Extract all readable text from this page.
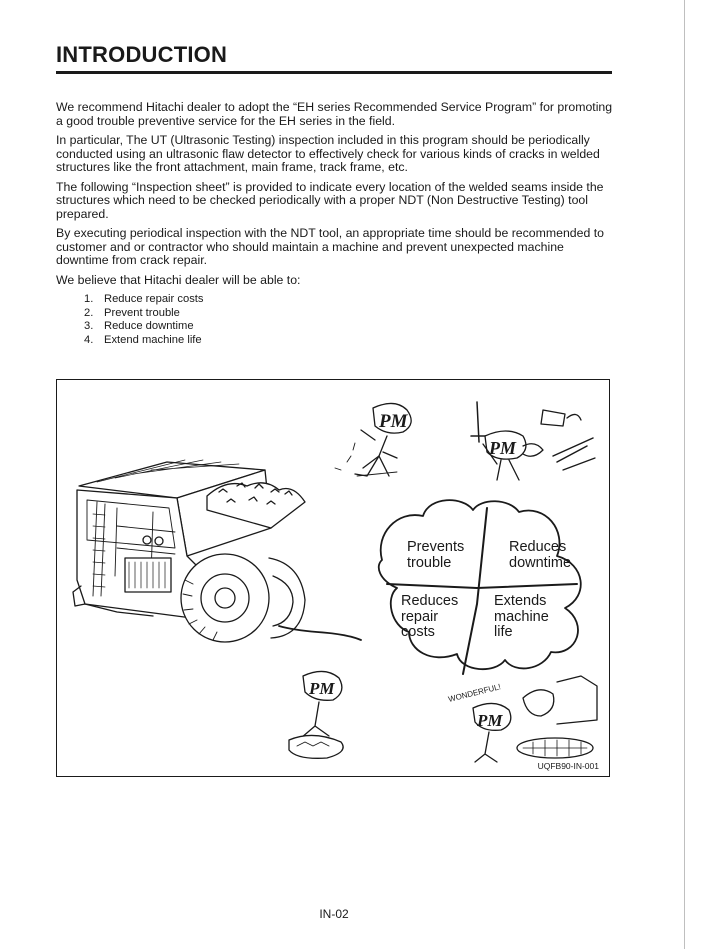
INTRODUCTION

We recommend Hitachi dealer to adopt the “EH series Recommended Service Program” for promoting a good trouble preventive service for the EH series in the field.

In particular, The UT (Ultrasonic Testing) inspection included in this program should be periodically conducted using an ultrasonic flaw detector to effectively check for various kinds of cracks in welded structures like the front attachment, main frame, track frame, etc.

The following “Inspection sheet” is provided to indicate every location of the welded seams inside the structures which need to be checked periodically with a proper NDT (Non Destructive Testing) tool prepared.

By executing periodical inspection with the NDT tool, an appropriate time should be recommended to customer and or contractor who should maintain a machine and prevent unexpected machine downtime from crack repair.

We believe that Hitachi dealer will be able to:

1. Reduce repair costs
2. Prevent trouble
3. Reduce downtime
4. Extend machine life
PM
PM
PM	WONDERFUL!
PM
Prevents trouble
Reduces downtime
Reduces repair costs
Extends machine life
UQFB90-IN-001
IN-02
